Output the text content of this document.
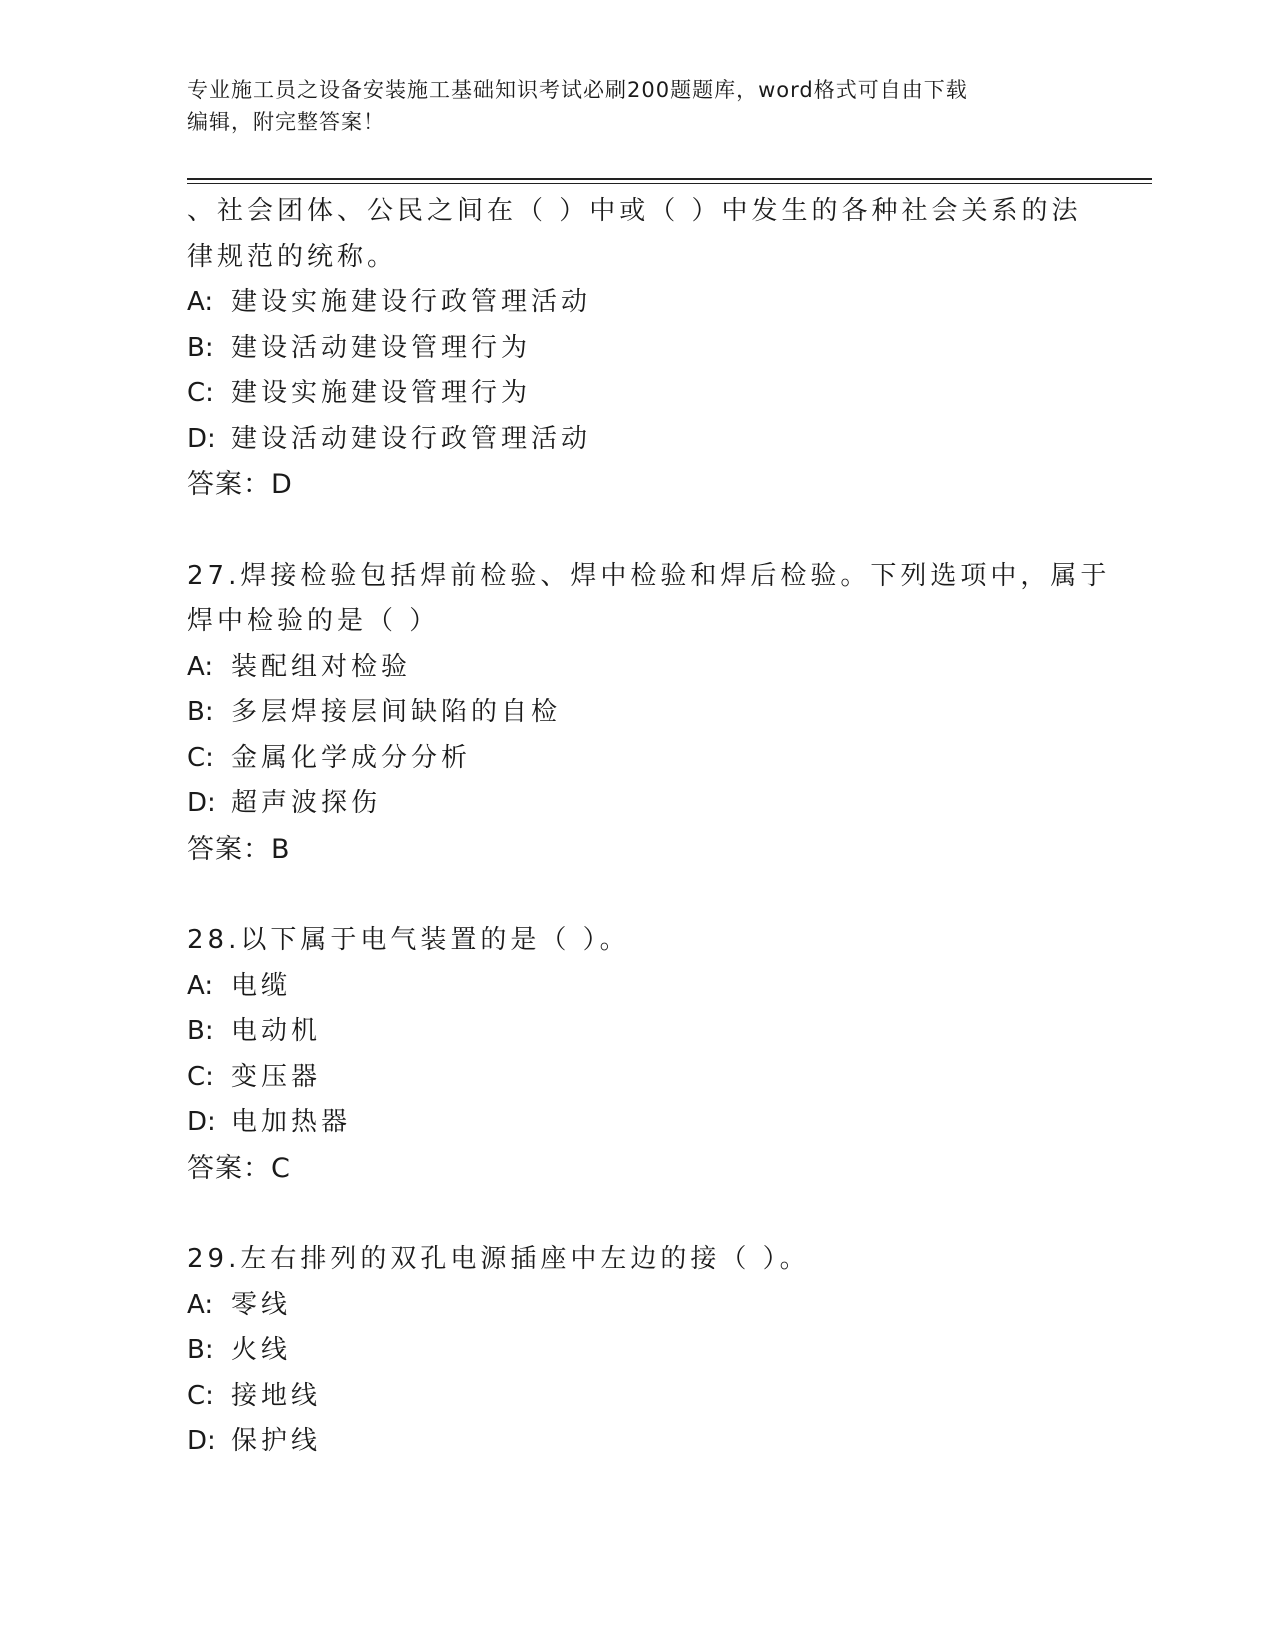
专业施工员之设备安装施工基础知识考试必刷200题题库，word格式可自由下载
编辑，附完整答案！
、社会团体、公民之间在（ ）中或（ ）中发生的各种社会关系的法
律规范的统称。
A: 建设实施建设行政管理活动
B: 建设活动建设管理行为
C: 建设实施建设管理行为
D: 建设活动建设行政管理活动
答案：D
27.焊接检验包括焊前检验、焊中检验和焊后检验。下列选项中，属于
焊中检验的是（ ）
A: 装配组对检验
B: 多层焊接层间缺陷的自检
C: 金属化学成分分析
D: 超声波探伤
答案：B
28.以下属于电气装置的是（ ）。
A: 电缆
B: 电动机
C: 变压器
D: 电加热器
答案：C
29.左右排列的双孔电源插座中左边的接（ ）。
A: 零线
B: 火线
C: 接地线
D: 保护线
